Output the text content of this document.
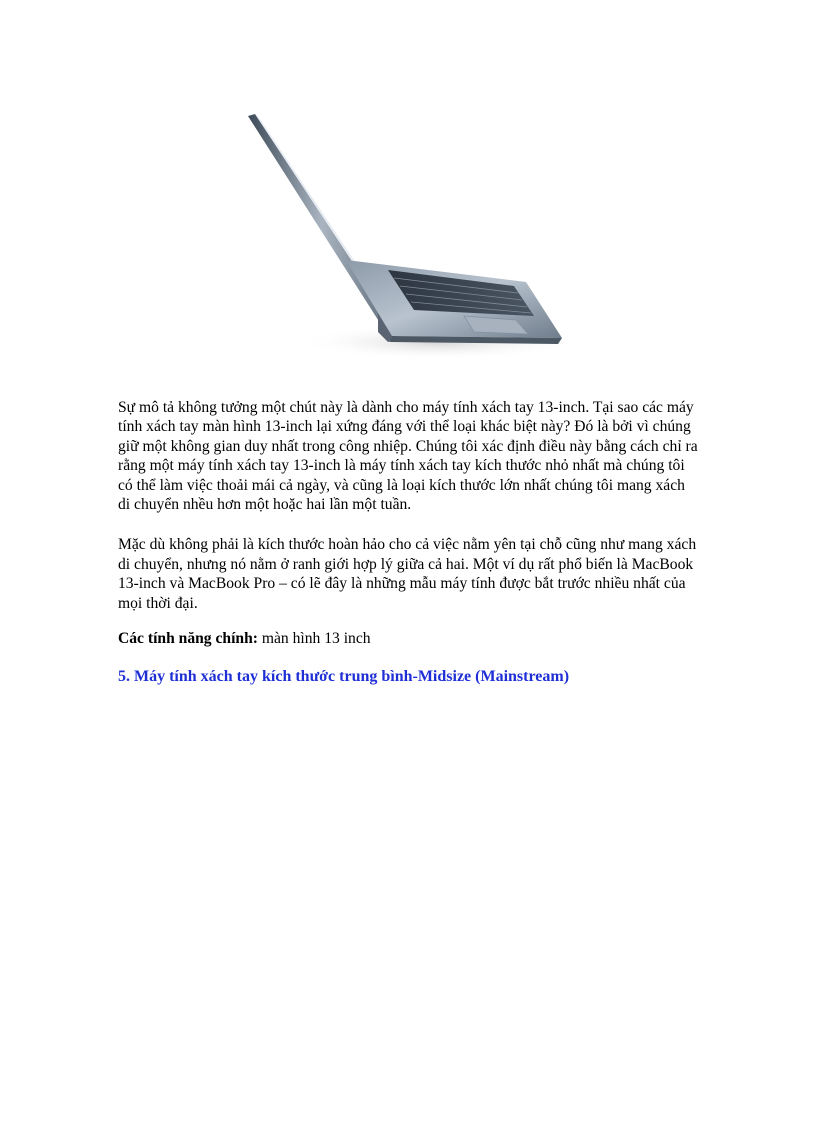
Sự mô tả không tưởng một chút này là dành cho máy tính xách tay 13-inch. Tại sao các máy tính xách tay màn hình 13-inch lại xứng đáng với thể loại khác biệt này? Đó là bởi vì chúng giữ một không gian duy nhất trong công nhiệp. Chúng tôi xác định điều này bằng cách chỉ ra rằng một máy tính xách tay 13-inch là máy tính xách tay kích thước nhỏ nhất mà chúng tôi có thể làm việc thoải mái cả ngày, và cũng là loại kích thước lớn nhất chúng tôi mang xách di chuyển nhều hơn một hoặc hai lần một tuần.

Mặc dù không phải là kích thước hoàn hảo cho cả việc nằm yên tại chỗ cũng như mang xách di chuyển, nhưng nó nằm ở ranh giới hợp lý giữa cả hai. Một ví dụ rất phổ biến là MacBook 13-inch và MacBook Pro – có lẽ đây là những mẫu máy tính được bắt trước nhiều nhất của mọi thời đại.

Các tính năng chính: màn hình 13 inch

5. Máy tính xách tay kích thước trung bình-Midsize (Mainstream)
